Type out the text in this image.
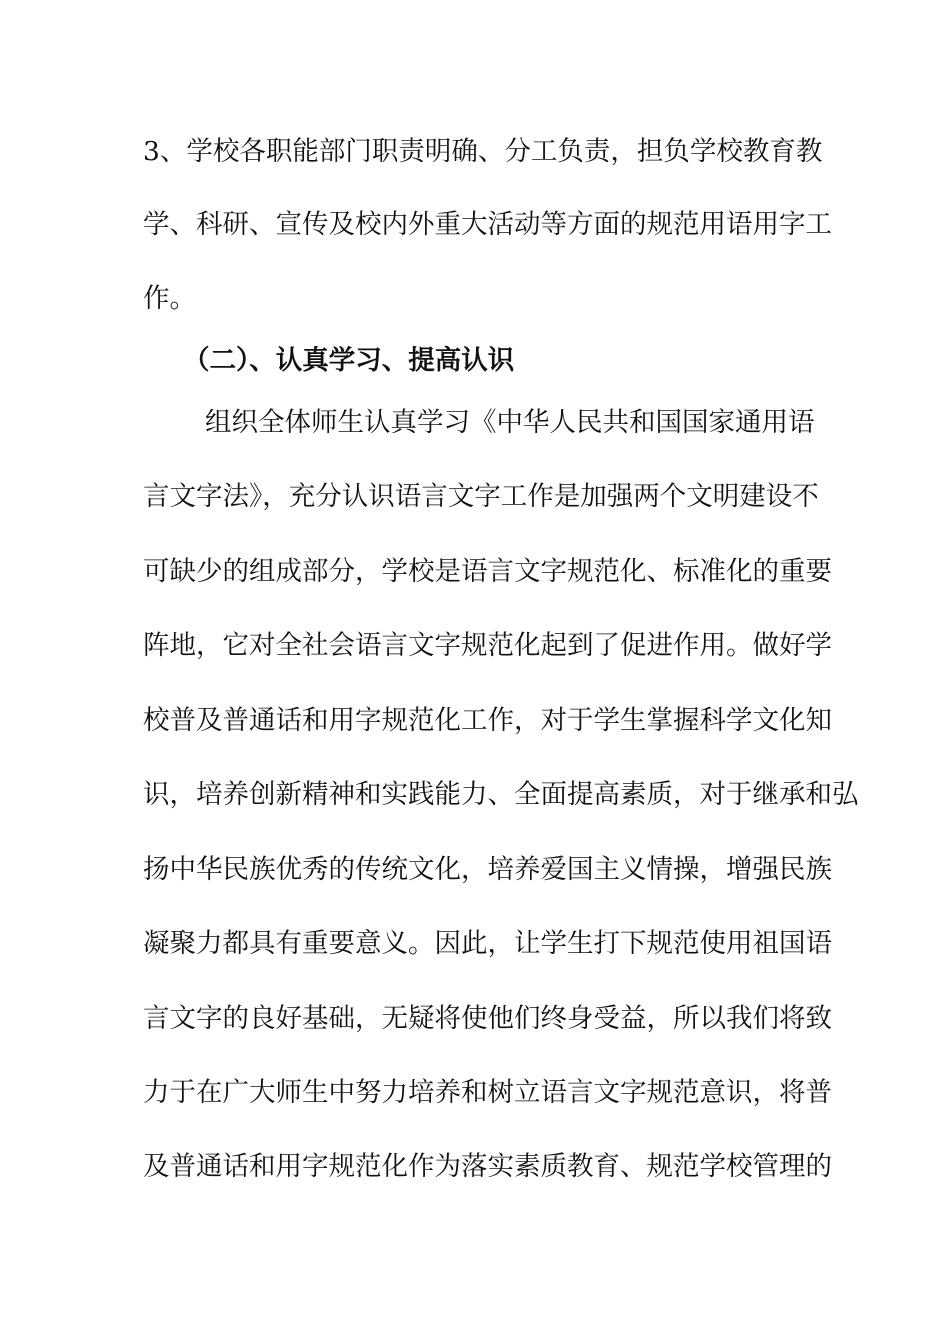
3、学校各职能部门职责明确、分工负责，担负学校教育教
学、科研、宣传及校内外重大活动等方面的规范用语用字工
作。
（二）、认真学习、提高认识
组织全体师生认真学习《中华人民共和国国家通用语
言文字法》，充分认识语言文字工作是加强两个文明建设不
可缺少的组成部分，学校是语言文字规范化、标准化的重要
阵地，它对全社会语言文字规范化起到了促进作用。做好学
校普及普通话和用字规范化工作，对于学生掌握科学文化知
识，培养创新精神和实践能力、全面提高素质，对于继承和弘
扬中华民族优秀的传统文化，培养爱国主义情操，增强民族
凝聚力都具有重要意义。因此，让学生打下规范使用祖国语
言文字的良好基础，无疑将使他们终身受益，所以我们将致
力于在广大师生中努力培养和树立语言文字规范意识，将普
及普通话和用字规范化作为落实素质教育、规范学校管理的
